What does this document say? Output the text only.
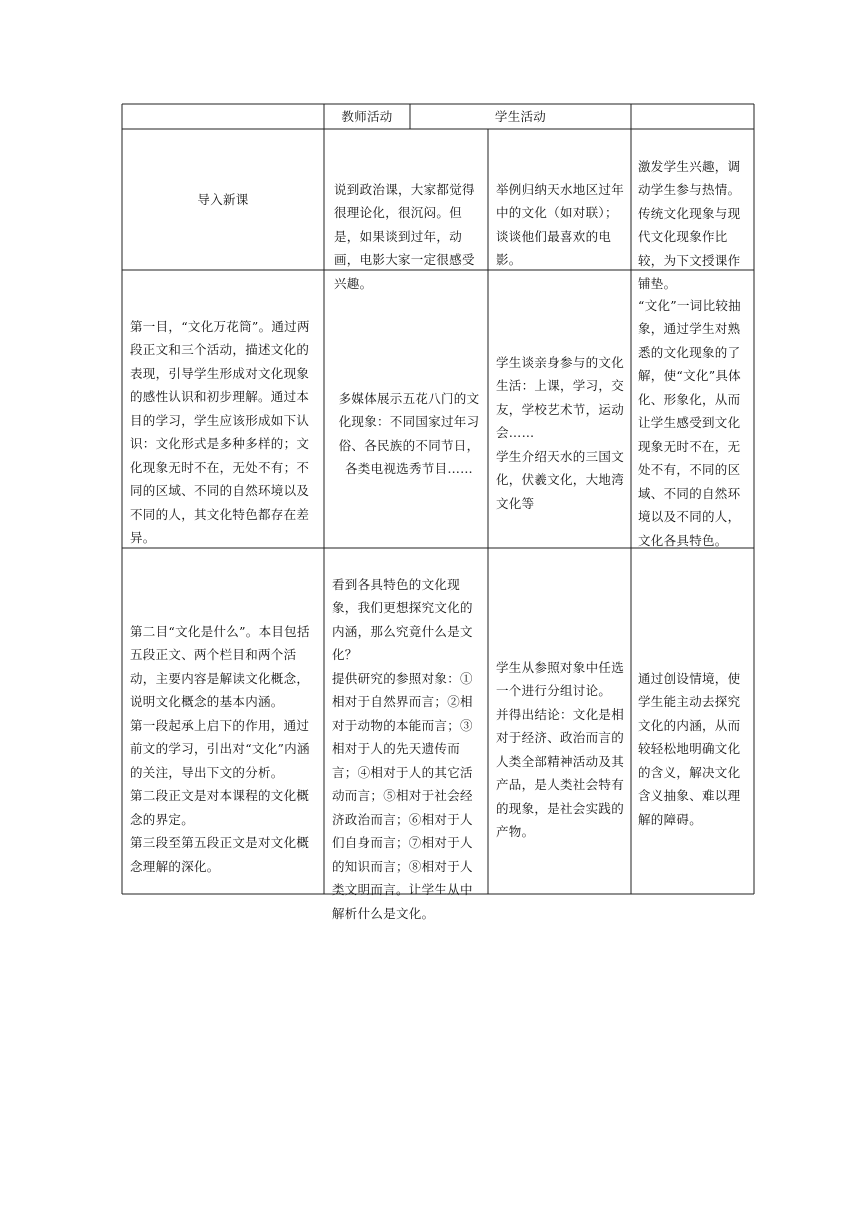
教师活动	学生活动
导入新课

说到政治课，大家都觉得很理论化，很沉闷。但是，如果谈到过年，动画，电影大家一定很感受兴趣。

举例归纳天水地区过年中的文化（如对联）；谈谈他们最喜欢的电影。

激发学生兴趣，调动学生参与热情。传统文化现象与现代文化现象作比较，为下文授课作铺垫。

第一目，“文化万花筒”。通过两段正文和三个活动，描述文化的表现，引导学生形成对文化现象的感性认识和初步理解。通过本目的学习，学生应该形成如下认识：文化形式是多种多样的；文化现象无时不在，无处不有；不同的区域、不同的自然环境以及不同的人，其文化特色都存在差异。

多媒体展示五花八门的文化现象：不同国家过年习俗、各民族的不同节日，
各类电视选秀节目……

学生谈亲身参与的文化生活：上课，学习，交友，学校艺术节，运动会……
学生介绍天水的三国文化，伏羲文化，大地湾文化等

“文化”一词比较抽象，通过学生对熟悉的文化现象的了解，使“文化”具体化、形象化，从而让学生感受到文化现象无时不在，无处不有，不同的区域、不同的自然环境以及不同的人，文化各具特色。

第二目“文化是什么”。本目包括五段正文、两个栏目和两个活动，主要内容是解读文化概念，说明文化概念的基本内涵。
第一段起承上启下的作用，通过前文的学习，引出对“文化”内涵的关注，导出下文的分析。
第二段正文是对本课程的文化概念的界定。
第三段至第五段正文是对文化概念理解的深化。

看到各具特色的文化现象，我们更想探究文化的内涵，那么究竟什么是文化？
提供研究的参照对象：①相对于自然界而言；②相对于动物的本能而言；③相对于人的先天遗传而言；④相对于人的其它活动而言；⑤相对于社会经济政治而言；⑥相对于人们自身而言；⑦相对于人的知识而言；⑧相对于人类文明而言。让学生从中解析什么是文化。

学生从参照对象中任选一个进行分组讨论。
并得出结论：文化是相对于经济、政治而言的人类全部精神活动及其产品，是人类社会特有的现象，是社会实践的产物。

通过创设情境，使学生能主动去探究文化的内涵，从而较轻松地明确文化的含义，解决文化含义抽象、难以理解的障碍。
